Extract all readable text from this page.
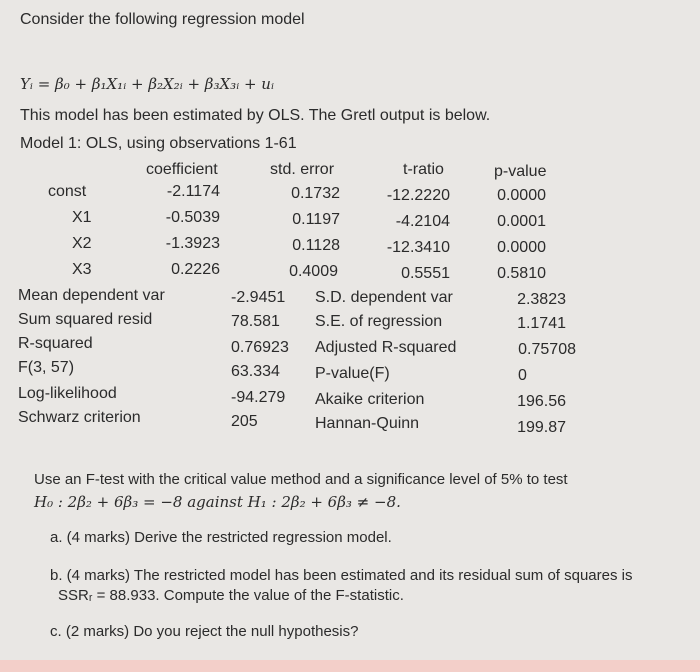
Consider the following regression model
Yᵢ = β₀ + β₁X₁ᵢ + β₂X₂ᵢ + β₃X₃ᵢ + uᵢ
This model has been estimated by OLS. The Gretl output is below.
Model 1: OLS, using observations 1-61
coefficient	std. error	t-ratio	p-value
const	-2.1174	0.1732	-12.2220	0.0000
X1	-0.5039	0.1197	-4.2104	0.0001
X2	-1.3923	0.1128	-12.3410	0.0000
X3	0.2226	0.4009	0.5551	0.5810
Mean dependent var	-2.9451 S.D. dependent var	2.3823
Sum squared resid	78.581 S.E. of regression	1.1741
R-squared	0.76923 Adjusted R-squared	0.75708
F(3, 57)	63.334 P-value(F)	0
Log-likelihood	-94.279 Akaike criterion	196.56
Schwarz criterion	205	Hannan-Quinn	199.87
Use an F-test with the critical value method and a significance level of 5% to test
H₀ : 2β₂ + 6β₃ = −8 against H₁ : 2β₂ + 6β₃ ≠ −8.
a. (4 marks) Derive the restricted regression model.
b. (4 marks) The restricted model has been estimated and its residual sum of squares is
SSRᵣ = 88.933. Compute the value of the F-statistic.
c. (2 marks) Do you reject the null hypothesis?
